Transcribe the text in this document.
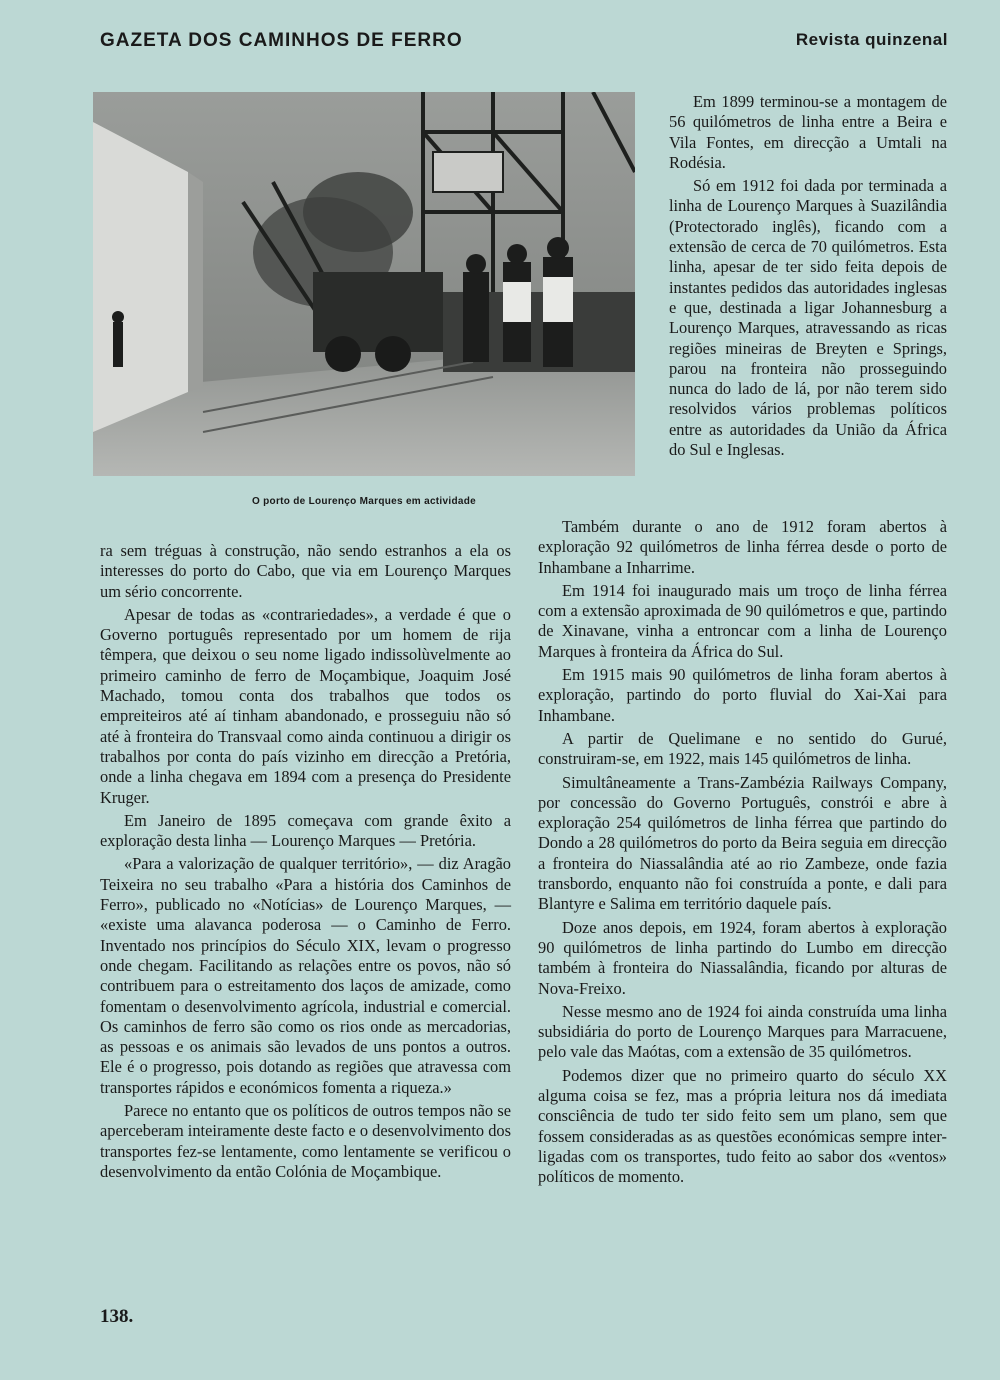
GAZETA DOS CAMINHOS DE FERRO	Revista quinzenal
O porto de Lourenço Marques em actividade

Em 1899 terminou-se a montagem de 56 quilómetros de linha entre a Beira e Vila Fontes, em direcção a Umtali na Rodésia.

Só em 1912 foi dada por terminada a linha de Lourenço Marques à Suazilândia (Protectorado inglês), ficando com a extensão de cerca de 70 quilómetros. Esta linha, apesar de ter sido feita depois de instantes pedidos das autoridades inglesas e que, destinada a ligar Johannesburg a Lourenço Marques, atravessando as ricas regiões mineiras de Breyten e Springs, parou na fronteira não prosseguindo nunca do lado de lá, por não terem sido resolvidos vários problemas políticos entre as autoridades da União da África do Sul e Inglesas.

ra sem tréguas à construção, não sendo estranhos a ela os interesses do porto do Cabo, que via em Lourenço Marques um sério concorrente.

Apesar de todas as «contrariedades», a verdade é que o Governo português representado por um homem de rija têmpera, que deixou o seu nome ligado indissolùvelmente ao primeiro caminho de ferro de Moçambique, Joaquim José Machado, tomou conta dos trabalhos que todos os empreiteiros até aí tinham abandonado, e prosseguiu não só até à fronteira do Transvaal como ainda continuou a dirigir os trabalhos por conta do país vizinho em direcção a Pretória, onde a linha chegava em 1894 com a presença do Presidente Kruger.

Em Janeiro de 1895 começava com grande êxito a exploração desta linha — Lourenço Marques — Pretória.

«Para a valorização de qualquer território», — diz Aragão Teixeira no seu trabalho «Para a história dos Caminhos de Ferro», publicado no «Notícias» de Lourenço Marques, — «existe uma alavanca poderosa — o Caminho de Ferro. Inventado nos princípios do Século XIX, levam o progresso onde chegam. Facilitando as relações entre os povos, não só contribuem para o estreitamento dos laços de amizade, como fomentam o desenvolvimento agrícola, industrial e comercial. Os caminhos de ferro são como os rios onde as mercadorias, as pessoas e os animais são levados de uns pontos a outros. Ele é o progresso, pois dotando as regiões que atravessa com transportes rápidos e económicos fomenta a riqueza.»

Parece no entanto que os políticos de outros tempos não se aperceberam inteiramente deste facto e o desenvolvimento dos transportes fez-se lentamente, como lentamente se verificou o desenvolvimento da então Colónia de Moçambique.

Também durante o ano de 1912 foram abertos à exploração 92 quilómetros de linha férrea desde o porto de Inhambane a Inharrime.

Em 1914 foi inaugurado mais um troço de linha férrea com a extensão aproximada de 90 quilómetros e que, partindo de Xinavane, vinha a entroncar com a linha de Lourenço Marques à fronteira da África do Sul.

Em 1915 mais 90 quilómetros de linha foram abertos à exploração, partindo do porto fluvial do Xai-Xai para Inhambane.

A partir de Quelimane e no sentido do Gurué, construiram-se, em 1922, mais 145 quilómetros de linha.

Simultâneamente a Trans-Zambézia Railways Company, por concessão do Governo Português, constrói e abre à exploração 254 quilómetros de linha férrea que partindo do Dondo a 28 quilómetros do porto da Beira seguia em direcção a fronteira do Niassalândia até ao rio Zambeze, onde fazia transbordo, enquanto não foi construída a ponte, e dali para Blantyre e Salima em território daquele país.

Doze anos depois, em 1924, foram abertos à exploração 90 quilómetros de linha partindo do Lumbo em direcção também à fronteira do Niassalândia, ficando por alturas de Nova-Freixo.

Nesse mesmo ano de 1924 foi ainda construída uma linha subsidiária do porto de Lourenço Marques para Marracuene, pelo vale das Maótas, com a extensão de 35 quilómetros.

Podemos dizer que no primeiro quarto do século XX alguma coisa se fez, mas a própria leitura nos dá imediata consciência de tudo ter sido feito sem um plano, sem que fossem consideradas as as questões económicas sempre inter-ligadas com os transportes, tudo feito ao sabor dos «ventos» políticos de momento.

138.
